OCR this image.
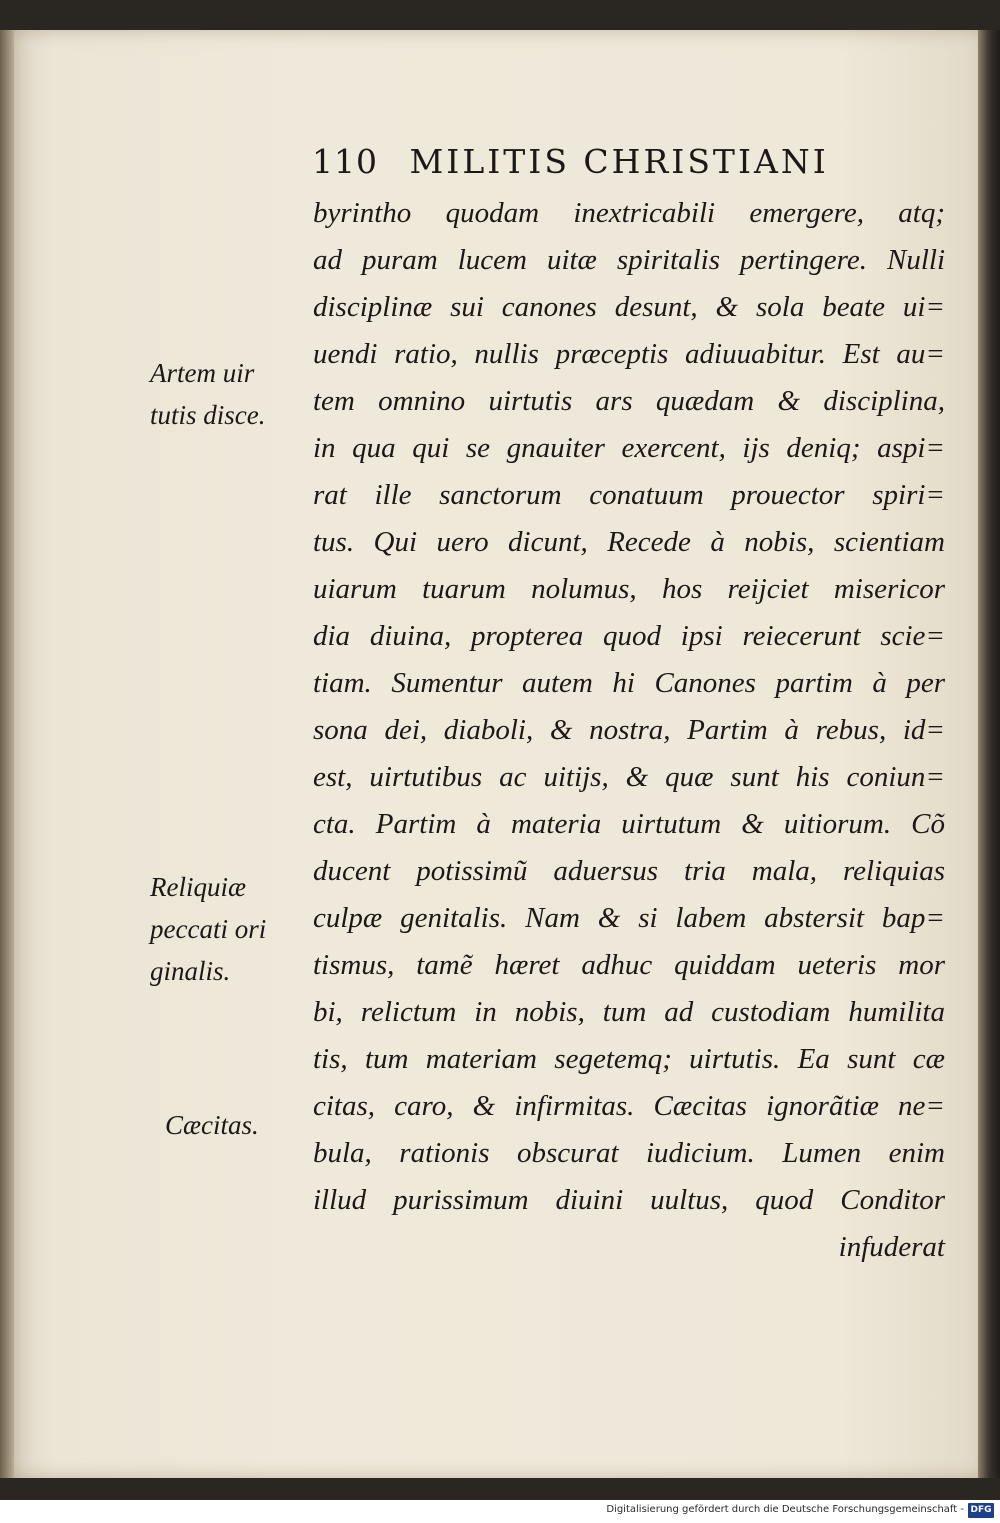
110 MILITIS CHRISTIANI
byrintho quodam inextricabili emergere, atq;
ad puram lucem uitæ spiritalis pertingere. Nulli
disciplinæ sui canones desunt, & sola beate ui=
uendi ratio, nullis præceptis adiuuabitur. Est au=
tem omnino uirtutis ars quædam & disciplina,
in qua qui se gnauiter exercent, ijs deniq; aspi=
rat ille sanctorum conatuum prouector spiri=
tus. Qui uero dicunt, Recede à nobis, scientiam
uiarum tuarum nolumus, hos reijciet misericor
dia diuina, propterea quod ipsi reiecerunt scie=
tiam. Sumentur autem hi Canones partim à per
sona dei, diaboli, & nostra, Partim à rebus, id=
est, uirtutibus ac uitijs, & quæ sunt his coniun=
cta. Partim à materia uirtutum & uitiorum. Cõ
ducent potissimũ aduersus tria mala, reliquias
culpæ genitalis. Nam & si labem abstersit bap=
tismus, tamẽ hæret adhuc quiddam ueteris mor
bi, relictum in nobis, tum ad custodiam humilita
tis, tum materiam segetemq; uirtutis. Ea sunt cæ
citas, caro, & infirmitas. Cæcitas ignorãtiæ ne=
bula, rationis obscurat iudicium. Lumen enim
illud purissimum diuini uultus, quod Conditor
infuderat
Artem uir
tutis disce.
Reliquiæ
peccati ori
ginalis.
Cæcitas.
Digitalisierung gefördert durch die Deutsche Forschungsgemeinschaft - DFG
